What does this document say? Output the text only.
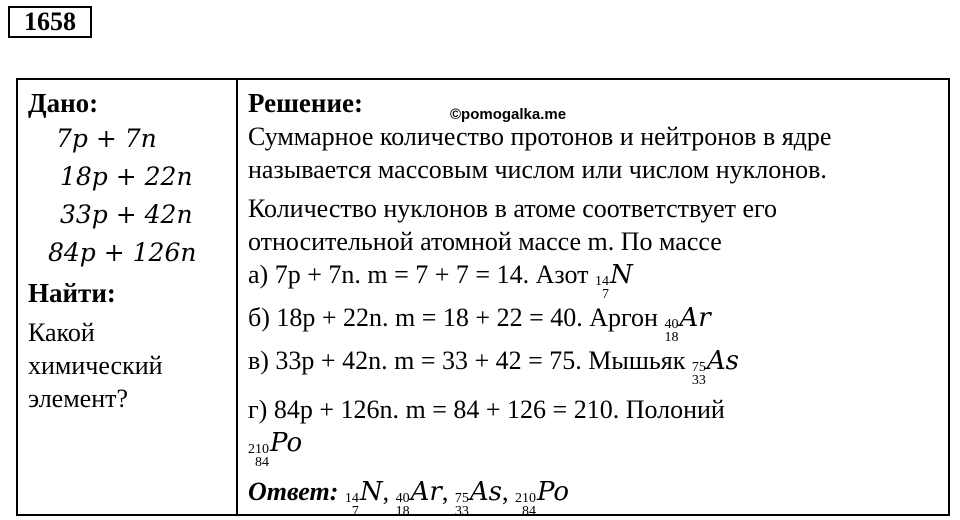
1658
©pomogalka.me
Дано:
7p + 7n
18p + 22n
33p + 42n
84p + 126n
Найти:
Какой
химический
элемент?
Решение:
Суммарное количество протонов и нейтронов в ядре
называется массовым числом или числом нуклонов.
Количество нуклонов в атоме соответствует его
относительной атомной массе m. По массе
а) 7p + 7n. m = 7 + 7 = 14. Азот 14
7
N
б) 18p + 22n. m = 18 + 22 = 40. Аргон 40
18
Ar
в) 33p + 42n. m = 33 + 42 = 75. Мышьяк 75
33
As
г) 84p + 126n. m = 84 + 126 = 210. Полоний
210
84
Po
Ответ: 14
7
N, 40
18
Ar, 75
33
As, 210
84
Po
